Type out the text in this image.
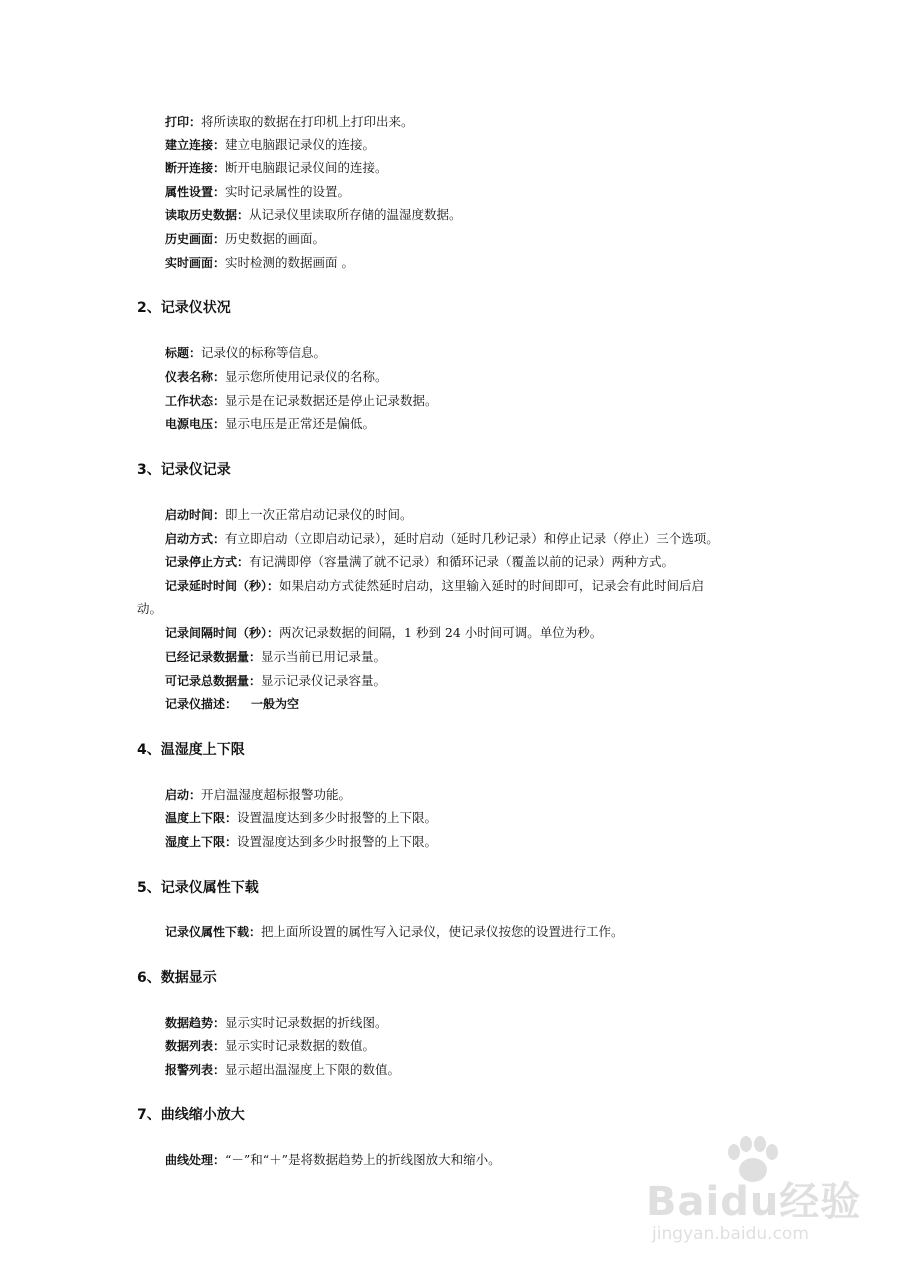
打印：将所读取的数据在打印机上打印出来。
建立连接：建立电脑跟记录仪的连接。
断开连接：断开电脑跟记录仪间的连接。
属性设置：实时记录属性的设置。
读取历史数据：从记录仪里读取所存储的温湿度数据。
历史画面：历史数据的画面。
实时画面：实时检测的数据画面 。
2、记录仪状况
标题：记录仪的标称等信息。
仪表名称：显示您所使用记录仪的名称。
工作状态：显示是在记录数据还是停止记录数据。
电源电压：显示电压是正常还是偏低。
3、记录仪记录
启动时间：即上一次正常启动记录仪的时间。
启动方式：有立即启动（立即启动记录），延时启动（延时几秒记录）和停止记录（停止）三个选项。
记录停止方式：有记满即停（容量满了就不记录）和循环记录（覆盖以前的记录）两种方式。
记录延时时间（秒）：如果启动方式徒然延时启动，这里输入延时的时间即可，记录会有此时间后启
动。
记录间隔时间（秒）：两次记录数据的间隔，1 秒到 24 小时间可调。单位为秒。
已经记录数据量：显示当前已用记录量。
可记录总数据量：显示记录仪记录容量。
记录仪描述： 一般为空
4、温湿度上下限
启动：开启温湿度超标报警功能。
温度上下限：设置温度达到多少时报警的上下限。
湿度上下限：设置湿度达到多少时报警的上下限。
5、记录仪属性下载
记录仪属性下载：把上面所设置的属性写入记录仪，使记录仪按您的设置进行工作。
6、数据显示
数据趋势：显示实时记录数据的折线图。
数据列表：显示实时记录数据的数值。
报警列表：显示超出温湿度上下限的数值。
7、曲线缩小放大
曲线处理：“－”和“＋”是将数据趋势上的折线图放大和缩小。
Baidu经验
jingyan.baidu.com
